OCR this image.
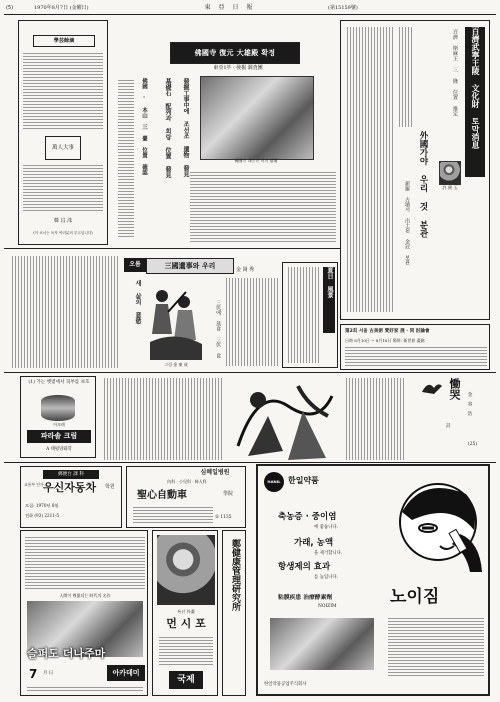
(5)	1970年8月7日 (金曜日)	東 亞 日 報	(第15159號)
學芸餘滴
萬人大事
韓 昌 洙
(이 코너는 독자 여러분의 투고입니다)
佛國寺 復元 大雄殿 확정
東亞1부 · 發掘 調査團
佛國寺 대웅전 터의 基壇
佛國 · 本山 三 臺 位置 確認	基礎石 配列과 회랑 位置 發見	發掘工事中에 조선조 遺物 發見	百濟武寧王陵 文化財 토막消息
百濟 斯麻王 三 隆 位置 推定
許 弼 玉
外國가야 우리 것 분관
新羅 古墳서 出土된 金冠 보관
오름	三國遺事와 우리	金 岡 秀
새 삶의 意慾
그림 金 東 成
三伏에 蒸食 三伏 食
夏日 風景
第2회 서울 古美術 愛好家 展 · 同 討論會
日時 8月10日 ~ 8月16日 場所: 新世界 畫廊
(1) 가는 햇볕에서 피부를 보호
아모레
파라솔 크림
A 태평양화학
慟哭
詩
金 容 浩
(25)
郵便台 課 科
교통부 인가 우신자동차	학원
모집: 1970년 8월
전화 (93) 2211-5
심혜일병원
內科 · 小兒科 · 婦人科
聖心自動車	學院
⑤ 1135
人間이 尊重되는 時代의 名作
슬퍼도 더나주마
7	月 日	아카데미
특선 外畫
먼 시 포
국제
鄭健康管理研究所
HANIL 한일약품
축농증 · 중이염
에 좋습니다.
가래, 농액
을 제거합니다.
항생제의 효과
를 높입니다.
粘膜疾患 治療酵素劑
NOIZIM	노이짐
한일약품공업주식회사
